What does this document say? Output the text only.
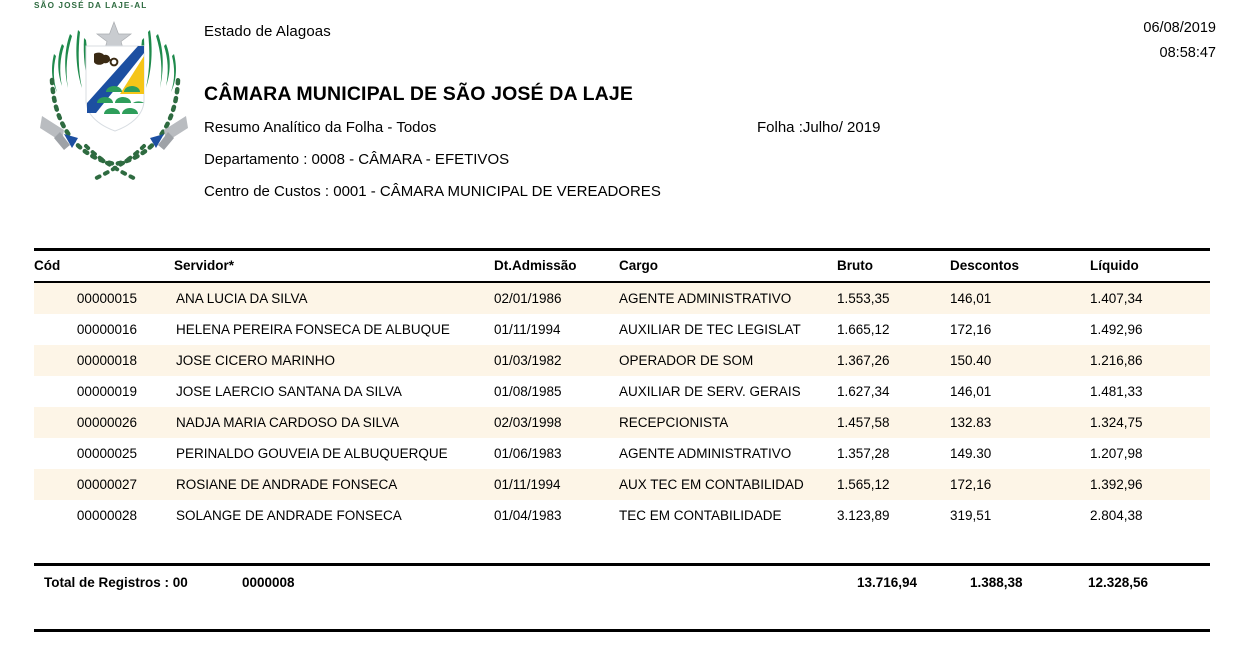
SÃO JOSÉ DA LAJE-AL
Estado de Alagoas
CÂMARA MUNICIPAL DE SÃO JOSÉ DA LAJE
Resumo Analítico da Folha - Todos	Folha :Julho/ 2019
Departamento : 0008 - CÂMARA - EFETIVOS
Centro de Custos : 0001 - CÂMARA MUNICIPAL DE VEREADORES
06/08/2019
08:58:47
Cód	Servidor*	Dt.Admissão	Cargo	Bruto	Descontos	Líquido
00000015	ANA LUCIA DA SILVA	02/01/1986	AGENTE ADMINISTRATIVO	1.553,35	146,01	1.407,34
00000016	HELENA PEREIRA FONSECA DE ALBUQUE	01/11/1994	AUXILIAR DE TEC LEGISLAT	1.665,12	172,16	1.492,96
00000018	JOSE CICERO MARINHO	01/03/1982	OPERADOR DE SOM	1.367,26	150.40	1.216,86
00000019	JOSE LAERCIO SANTANA DA SILVA	01/08/1985	AUXILIAR DE SERV. GERAIS	1.627,34	146,01	1.481,33
00000026	NADJA MARIA CARDOSO DA SILVA	02/03/1998	RECEPCIONISTA	1.457,58	132.83	1.324,75
00000025	PERINALDO GOUVEIA DE ALBUQUERQUE	01/06/1983	AGENTE ADMINISTRATIVO	1.357,28	149.30	1.207,98
00000027	ROSIANE DE ANDRADE FONSECA	01/11/1994	AUX TEC EM CONTABILIDAD	1.565,12	172,16	1.392,96
00000028	SOLANGE DE ANDRADE FONSECA	01/04/1983	TEC EM CONTABILIDADE	3.123,89	319,51	2.804,38
Total de Registros : 00	0000008	13.716,94	1.388,38	12.328,56
